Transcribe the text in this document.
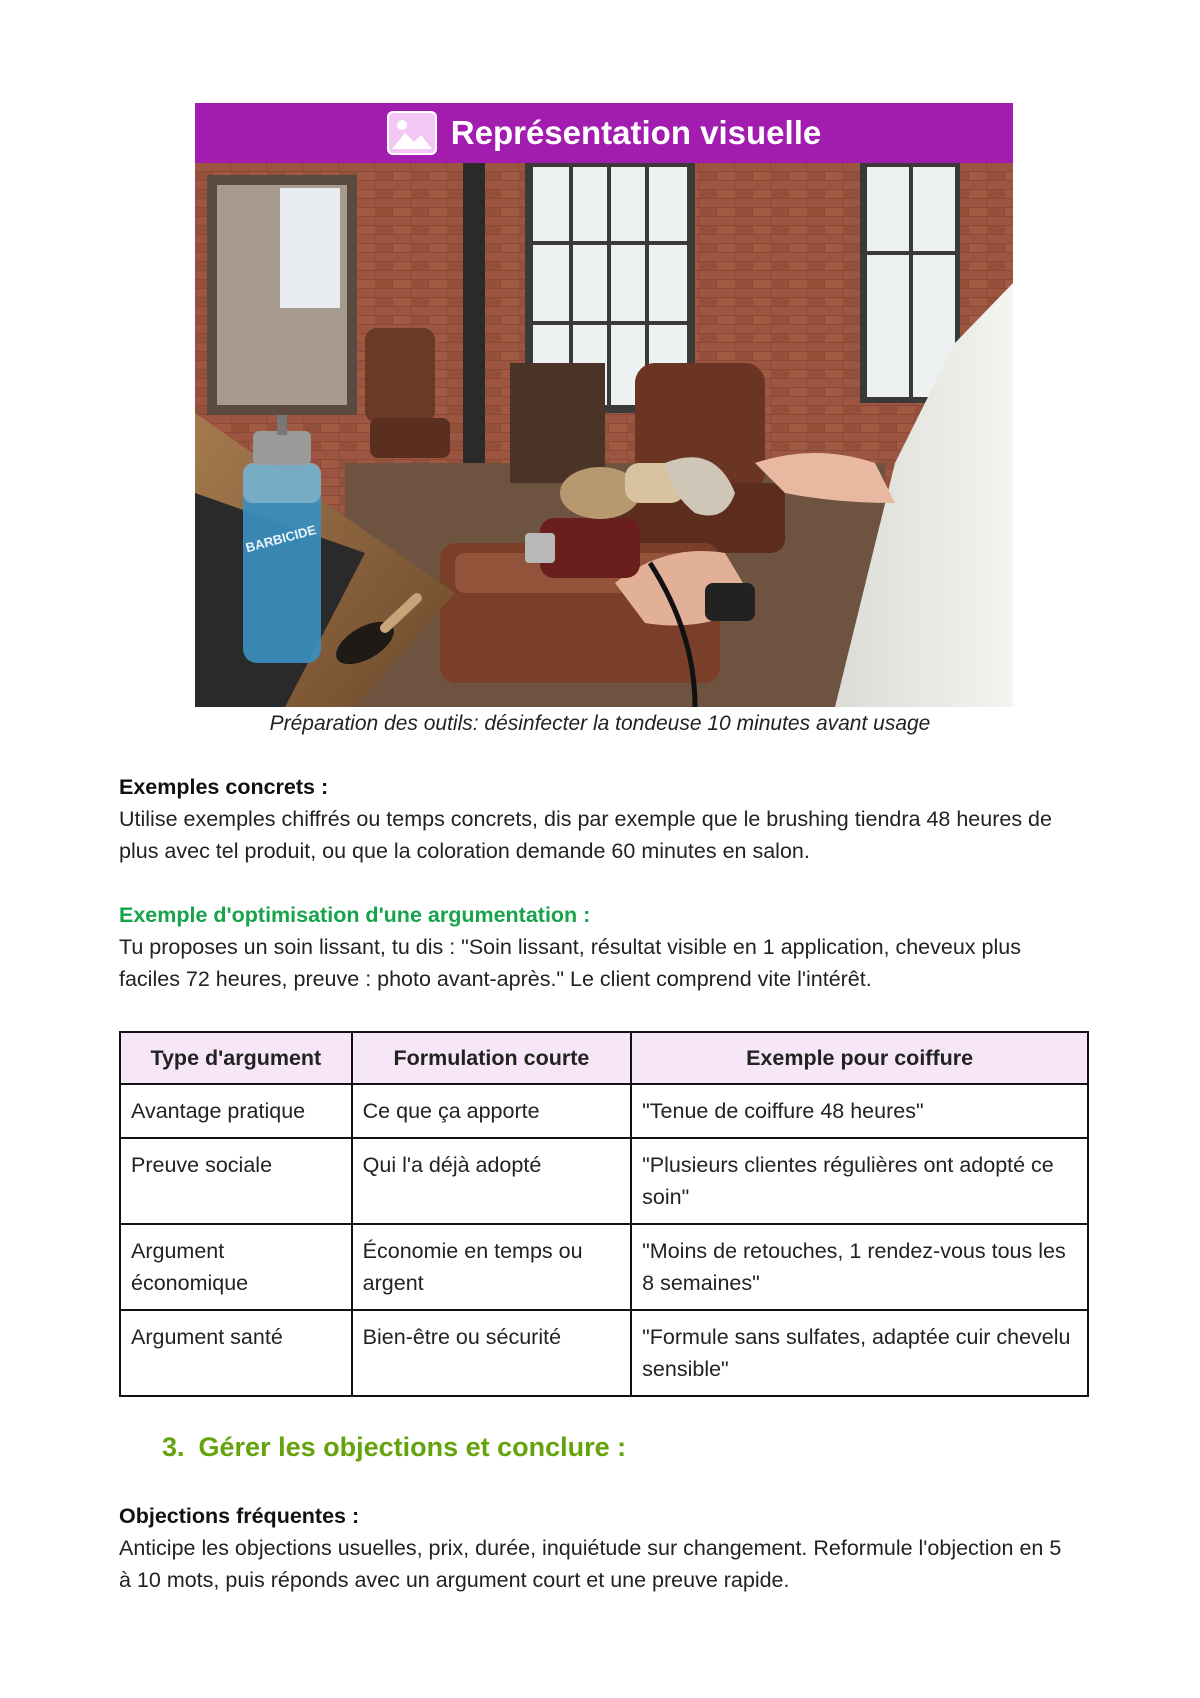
Représentation visuelle
BARBICIDE
Préparation des outils: désinfecter la tondeuse 10 minutes avant usage
Exemples concrets :

Utilise exemples chiffrés ou temps concrets, dis par exemple que le brushing tiendra 48 heures de plus avec tel produit, ou que la coloration demande 60 minutes en salon.

Exemple d'optimisation d'une argumentation :

Tu proposes un soin lissant, tu dis : "Soin lissant, résultat visible en 1 application, cheveux plus faciles 72 heures, preuve : photo avant-après." Le client comprend vite l'intérêt.

Type d'argument	Formulation courte	Exemple pour coiffure
Avantage pratique	Ce que ça apporte	"Tenue de coiffure 48 heures"
Preuve sociale	Qui l'a déjà adopté	"Plusieurs clientes régulières ont adopté ce soin"
Argument économique	Économie en temps ou argent	"Moins de retouches, 1 rendez-vous tous les 8 semaines"
Argument santé	Bien-être ou sécurité	"Formule sans sulfates, adaptée cuir chevelu sensible"
3. Gérer les objections et conclure :
Objections fréquentes :

Anticipe les objections usuelles, prix, durée, inquiétude sur changement. Reformule l'objection en 5 à 10 mots, puis réponds avec un argument court et une preuve rapide.
